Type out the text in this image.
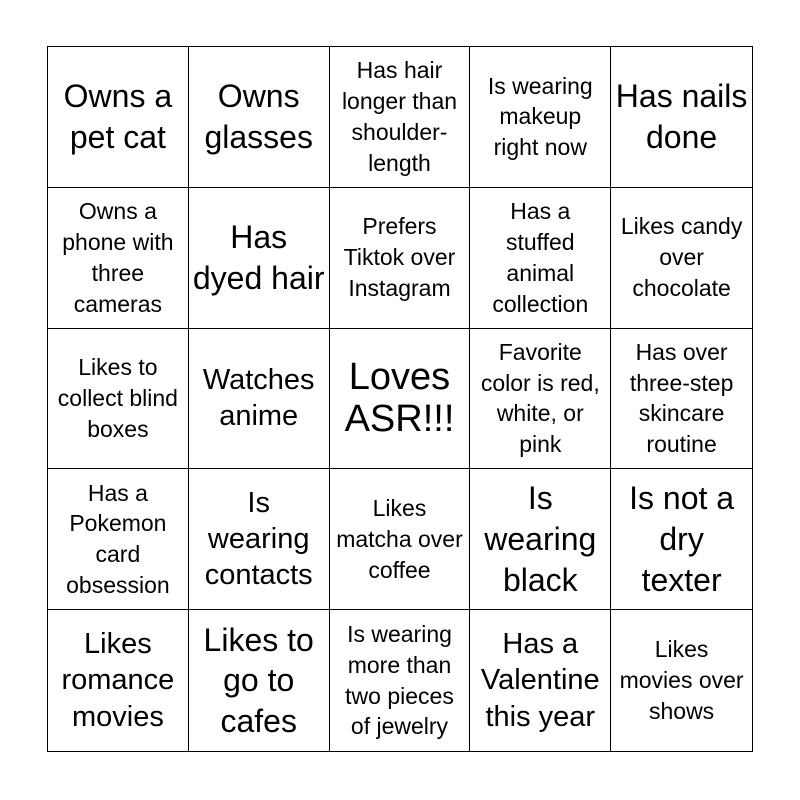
Owns a pet cat
Owns glasses
Has hair longer than shoulder-length
Is wearing makeup right now
Has nails done
Owns a phone with three cameras
Has dyed hair
Prefers Tiktok over Instagram
Has a stuffed animal collection
Likes candy over chocolate
Likes to collect blind boxes
Watches anime
Loves ASR!!!
Favorite color is red, white, or pink
Has over three-step skincare routine
Has a Pokemon card obsession
Is wearing contacts
Likes matcha over coffee
Is wearing black
Is not a dry texter
Likes romance movies
Likes to go to cafes
Is wearing more than two pieces of jewelry
Has a Valentine this year
Likes movies over shows
